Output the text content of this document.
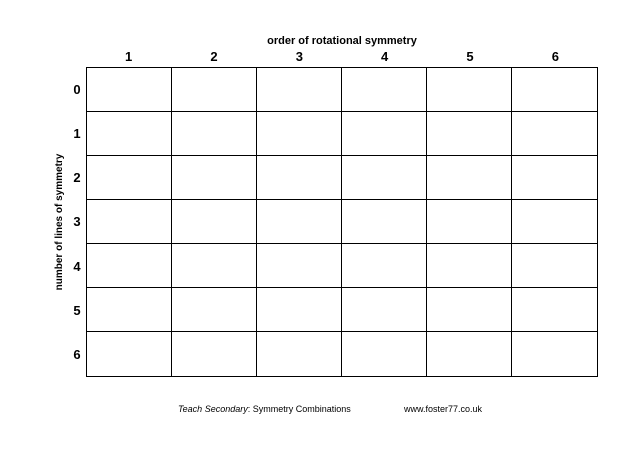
order of rotational symmetry
1	2	3	4	5	6
number of lines of symmetry
0
1
2
3
4
5
6
Teach Secondary: Symmetry Combinations	www.foster77.co.uk
